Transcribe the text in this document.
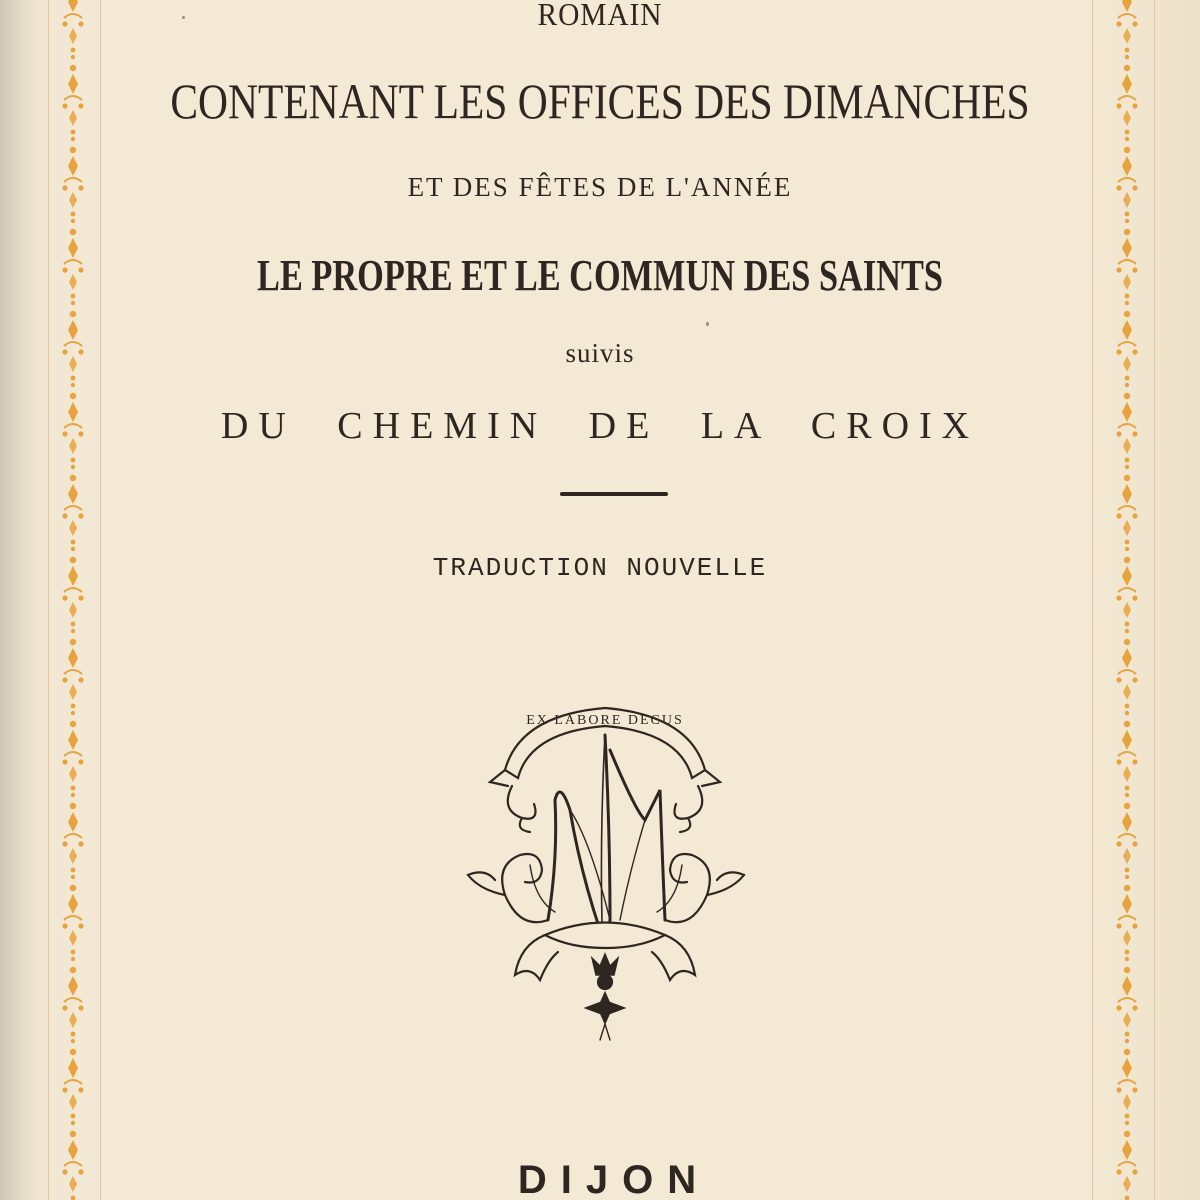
ROMAIN
CONTENANT LES OFFICES DES DIMANCHES
ET DES FÊTES DE L'ANNÉE
LE PROPRE ET LE COMMUN DES SAINTS
suivis
DU CHEMIN DE LA CROIX
TRADUCTION NOUVELLE
EX LABORE DECUS
DIJON
